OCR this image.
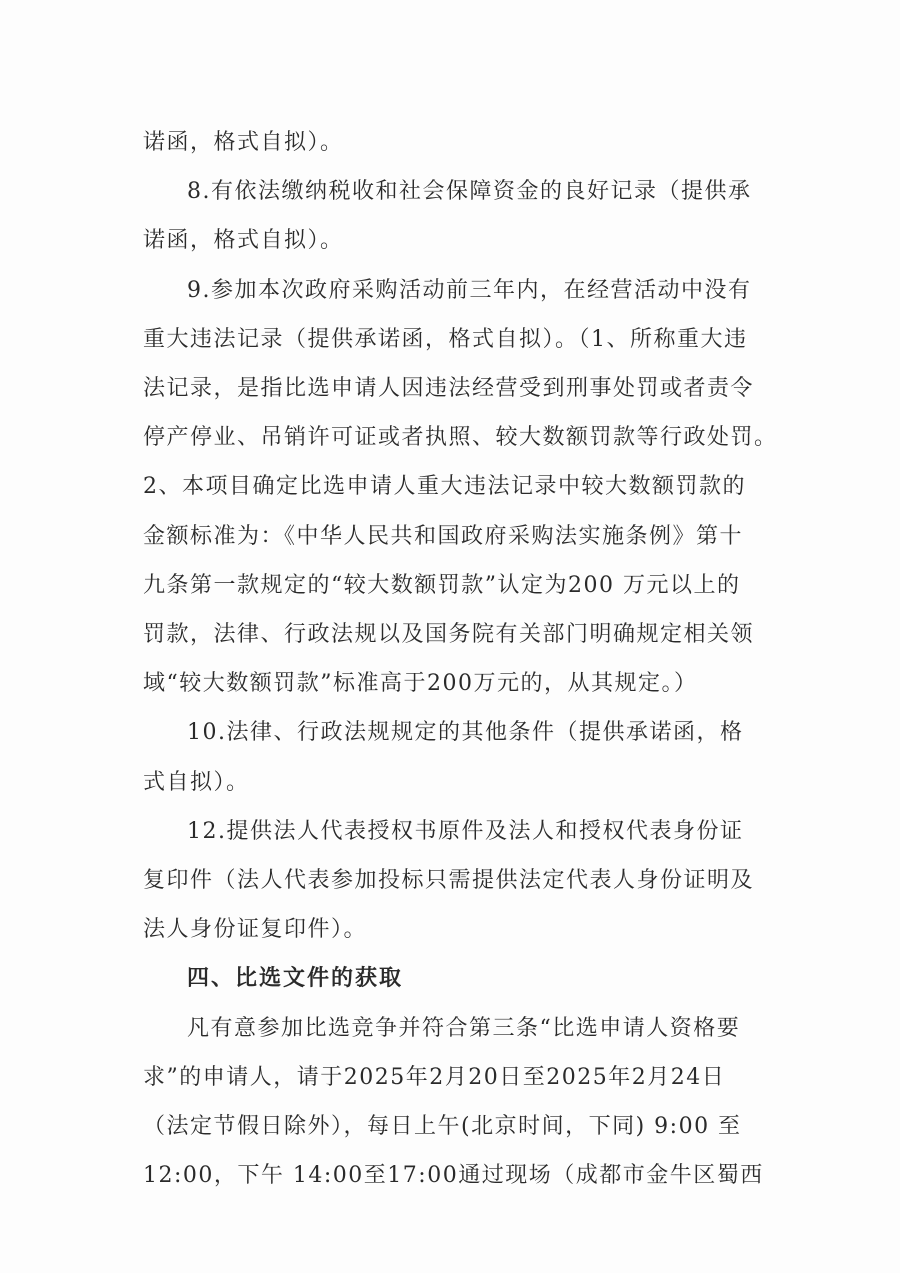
诺函，格式自拟）。

8.有依法缴纳税收和社会保障资金的良好记录（提供承

诺函，格式自拟）。

9.参加本次政府采购活动前三年内，在经营活动中没有

重大违法记录（提供承诺函，格式自拟）。（1、所称重大违
法记录，是指比选申请人因违法经营受到刑事处罚或者责令
停产停业、吊销许可证或者执照、较大数额罚款等行政处罚。
2、本项目确定比选申请人重大违法记录中较大数额罚款的
金额标准为：《中华人民共和国政府采购法实施条例》第十
九条第一款规定的“较大数额罚款”认定为200 万元以上的
罚款，法律、行政法规以及国务院有关部门明确规定相关领
域“较大数额罚款”标准高于200万元的，从其规定。）

10.法律、行政法规规定的其他条件（提供承诺函，格

式自拟）。

12.提供法人代表授权书原件及法人和授权代表身份证

复印件（法人代表参加投标只需提供法定代表人身份证明及
法人身份证复印件）。

四、比选文件的获取

凡有意参加比选竞争并符合第三条“比选申请人资格要

求”的申请人，请于2025年2月20日至2025年2月24日
（法定节假日除外），每日上午(北京时间，下同) 9:00 至
12:00，下午 14:00至17:00通过现场（成都市金牛区蜀西
